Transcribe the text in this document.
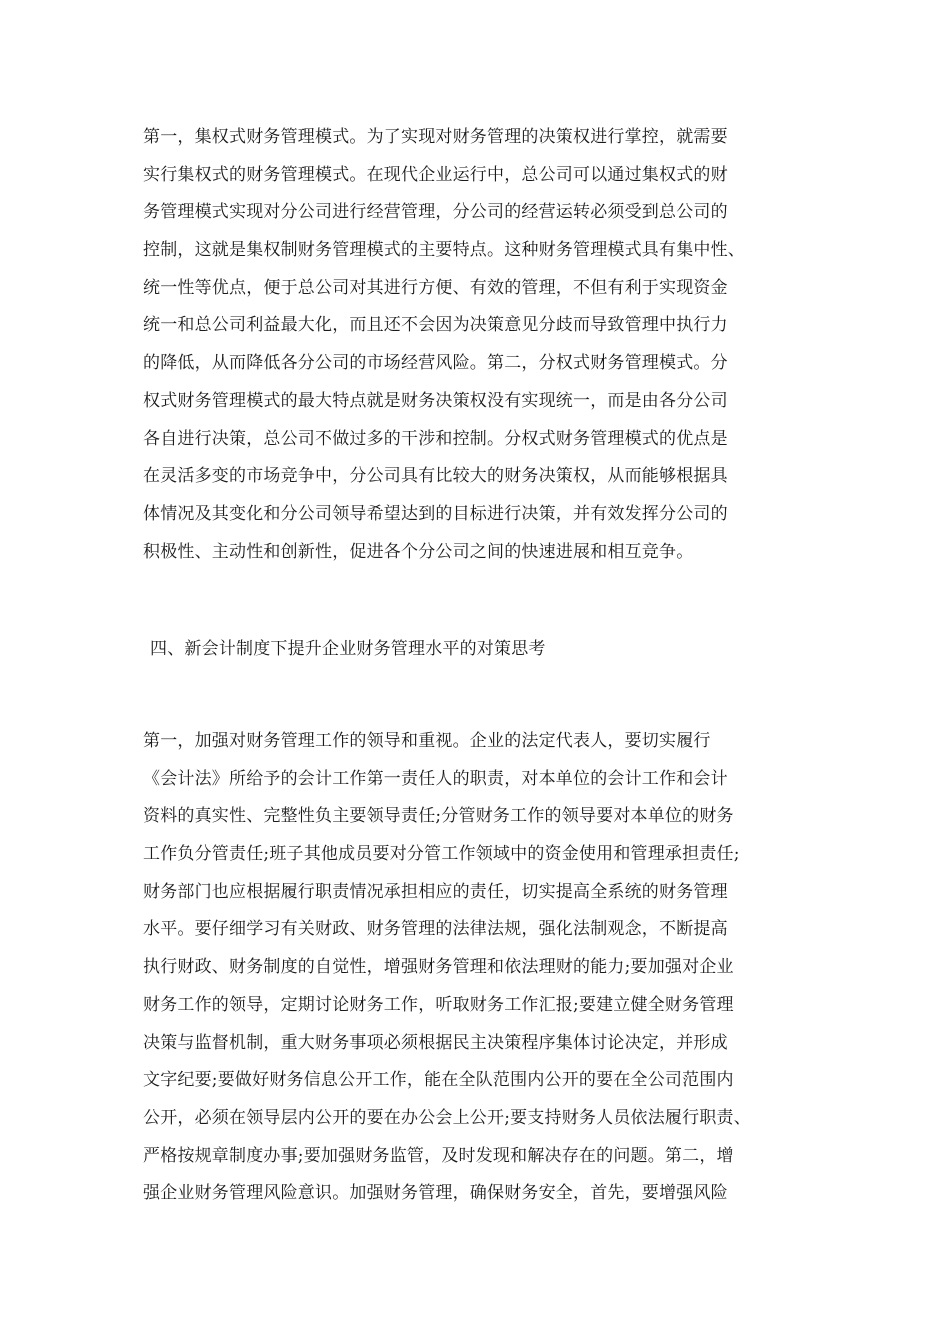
第一，集权式财务管理模式。为了实现对财务管理的决策权进行掌控，就需要
实行集权式的财务管理模式。在现代企业运行中，总公司可以通过集权式的财
务管理模式实现对分公司进行经营管理，分公司的经营运转必须受到总公司的
控制，这就是集权制财务管理模式的主要特点。这种财务管理模式具有集中性、
统一性等优点，便于总公司对其进行方便、有效的管理，不但有利于实现资金
统一和总公司利益最大化，而且还不会因为决策意见分歧而导致管理中执行力
的降低，从而降低各分公司的市场经营风险。第二，分权式财务管理模式。分
权式财务管理模式的最大特点就是财务决策权没有实现统一，而是由各分公司
各自进行决策，总公司不做过多的干涉和控制。分权式财务管理模式的优点是
在灵活多变的市场竞争中，分公司具有比较大的财务决策权，从而能够根据具
体情况及其变化和分公司领导希望达到的目标进行决策，并有效发挥分公司的
积极性、主动性和创新性，促进各个分公司之间的快速进展和相互竞争。
四、新会计制度下提升企业财务管理水平的对策思考
第一，加强对财务管理工作的领导和重视。企业的法定代表人，要切实履行
《会计法》所给予的会计工作第一责任人的职责，对本单位的会计工作和会计
资料的真实性、完整性负主要领导责任;分管财务工作的领导要对本单位的财务
工作负分管责任;班子其他成员要对分管工作领域中的资金使用和管理承担责任;
财务部门也应根据履行职责情况承担相应的责任，切实提高全系统的财务管理
水平。要仔细学习有关财政、财务管理的法律法规，强化法制观念，不断提高
执行财政、财务制度的自觉性，增强财务管理和依法理财的能力;要加强对企业
财务工作的领导，定期讨论财务工作，听取财务工作汇报;要建立健全财务管理
决策与监督机制，重大财务事项必须根据民主决策程序集体讨论决定，并形成
文字纪要;要做好财务信息公开工作，能在全队范围内公开的要在全公司范围内
公开，必须在领导层内公开的要在办公会上公开;要支持财务人员依法履行职责、
严格按规章制度办事;要加强财务监管，及时发现和解决存在的问题。第二，增
强企业财务管理风险意识。加强财务管理，确保财务安全，首先，要增强风险
